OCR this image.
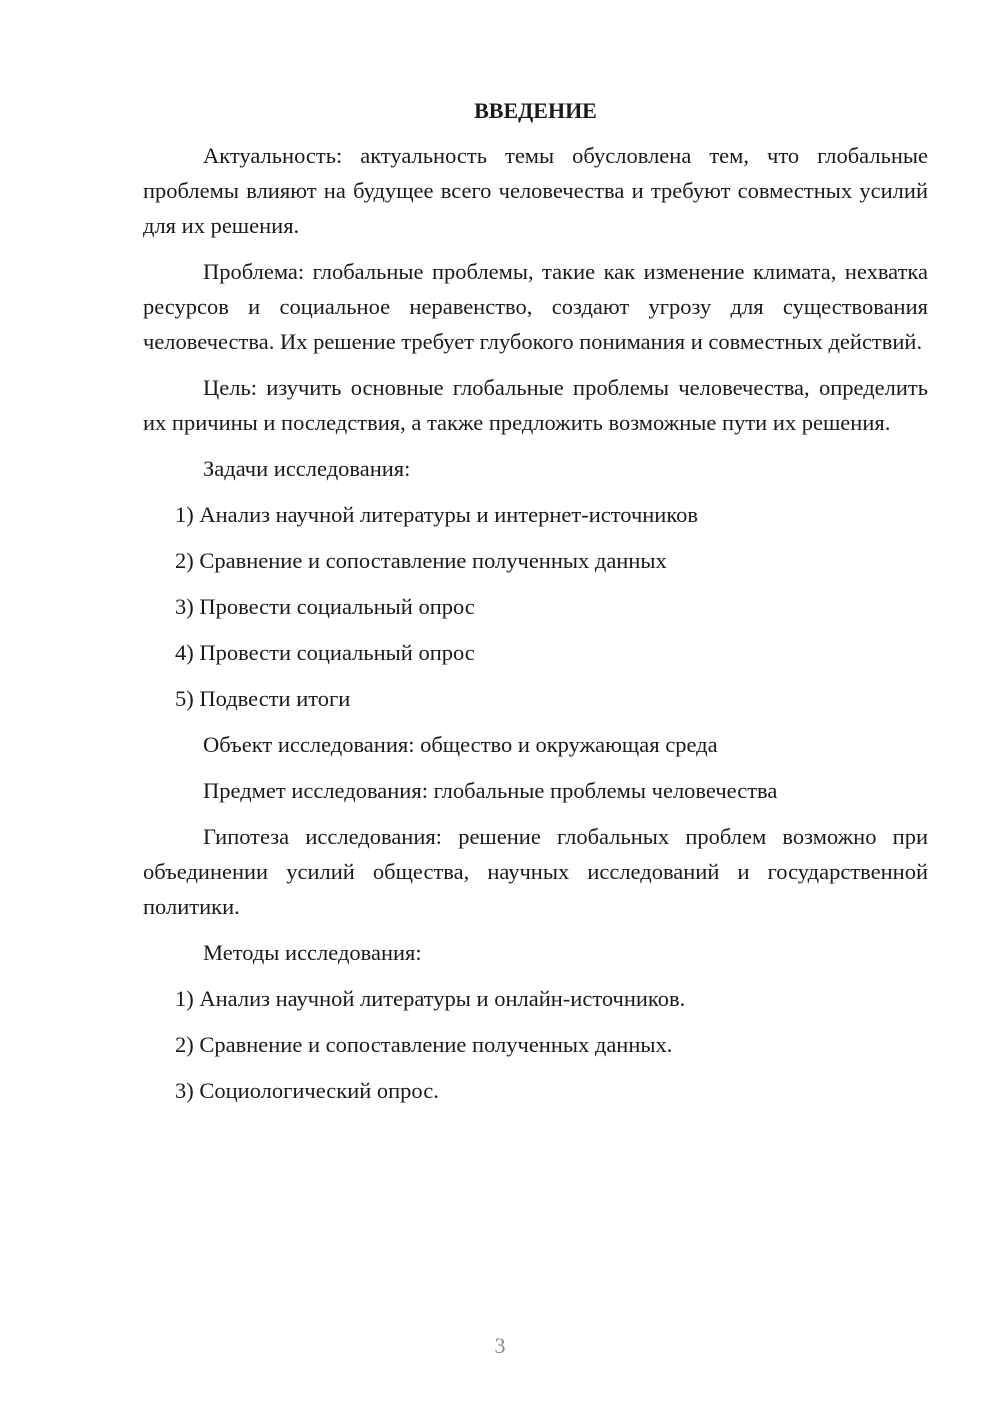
ВВЕДЕНИЕ

Актуальность: актуальность темы обусловлена тем, что глобальные проблемы влияют на будущее всего человечества и требуют совместных усилий для их решения.

Проблема: глобальные проблемы, такие как изменение климата, нехватка ресурсов и социальное неравенство, создают угрозу для существования человечества. Их решение требует глубокого понимания и совместных действий.

Цель: изучить основные глобальные проблемы человечества, определить их причины и последствия, а также предложить возможные пути их решения.

Задачи исследования:

1) Анализ научной литературы и интернет-источников
2) Сравнение и сопоставление полученных данных
3) Провести социальный опрос
4) Провести социальный опрос
5) Подвести итоги

Объект исследования: общество и окружающая среда

Предмет исследования: глобальные проблемы человечества

Гипотеза исследования: решение глобальных проблем возможно при объединении усилий общества, научных исследований и государственной политики.

Методы исследования:

1) Анализ научной литературы и онлайн-источников.
2) Сравнение и сопоставление полученных данных.
3) Социологический опрос.
3
